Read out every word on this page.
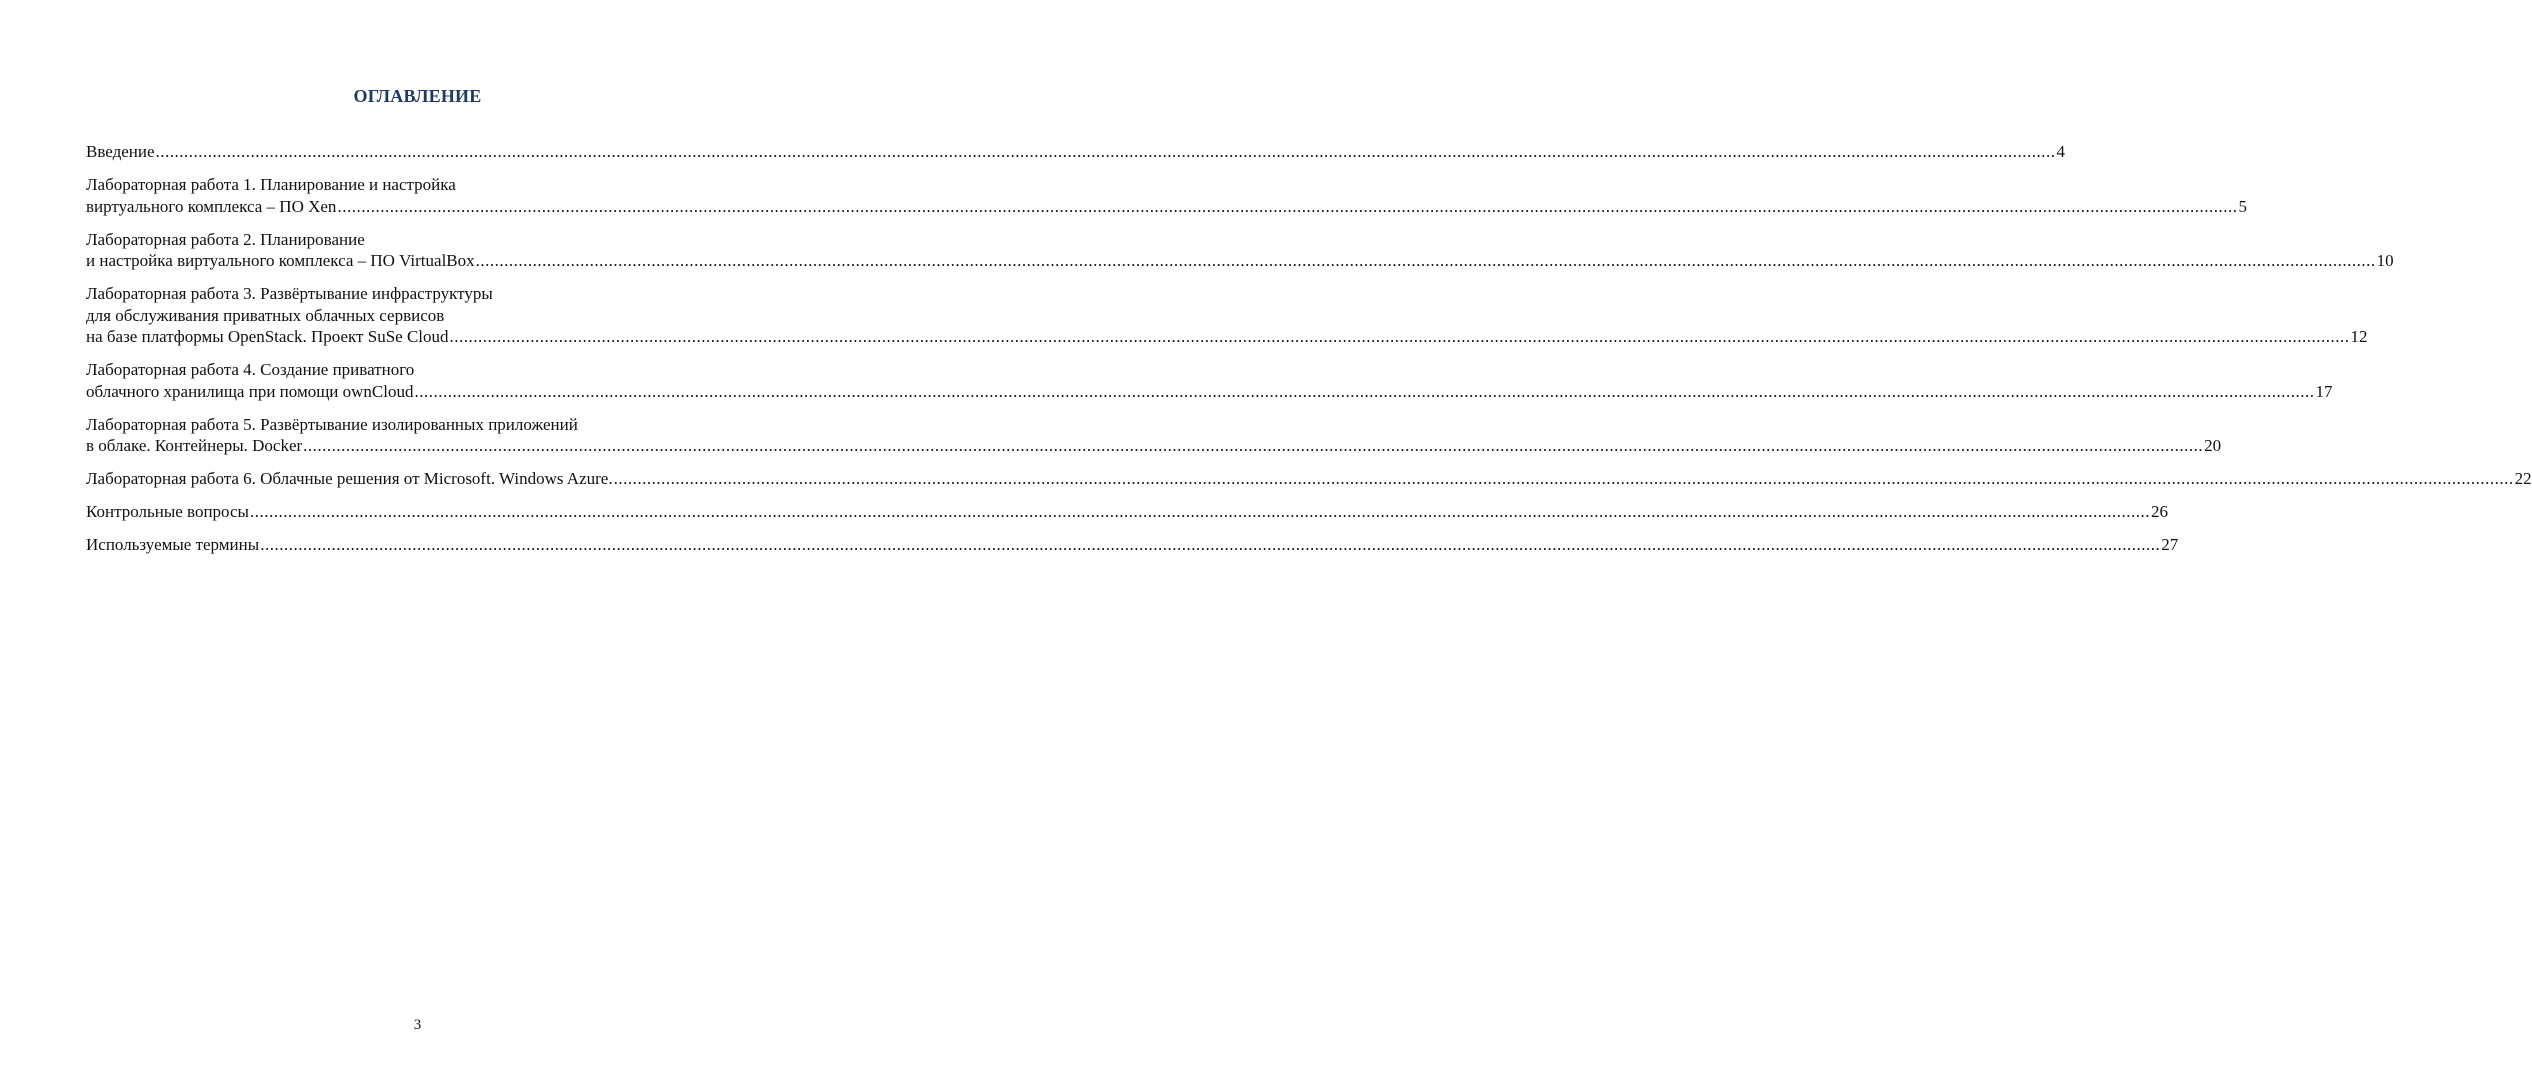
ОГЛАВЛЕНИЕ
Введение ................................................................................................................................................................................................................................................................................................................................................................................................................ 4
Лабораторная работа 1. Планирование и настройка
виртуального комплекса – ПО Xen ................................................................................................................................................................................................................................................................................................................................................................................................................ 5
Лабораторная работа 2. Планирование
и настройка виртуального комплекса – ПО VirtualBox ................................................................................................................................................................................................................................................................................................................................................................................................................ 10
Лабораторная работа 3. Развёртывание инфраструктуры
для обслуживания приватных облачных сервисов
на базе платформы OpenStack. Проект SuSe Cloud ................................................................................................................................................................................................................................................................................................................................................................................................................ 12
Лабораторная работа 4. Создание приватного
облачного хранилища при помощи ownCloud ................................................................................................................................................................................................................................................................................................................................................................................................................ 17
Лабораторная работа 5. Развёртывание изолированных приложений
в облаке. Контейнеры. Docker ................................................................................................................................................................................................................................................................................................................................................................................................................ 20
Лабораторная работа 6. Облачные решения от Microsoft. Windows Azure. ................................................................................................................................................................................................................................................................................................................................................................................................................ 22
Контрольные вопросы ................................................................................................................................................................................................................................................................................................................................................................................................................ 26
Используемые термины ................................................................................................................................................................................................................................................................................................................................................................................................................ 27
3
